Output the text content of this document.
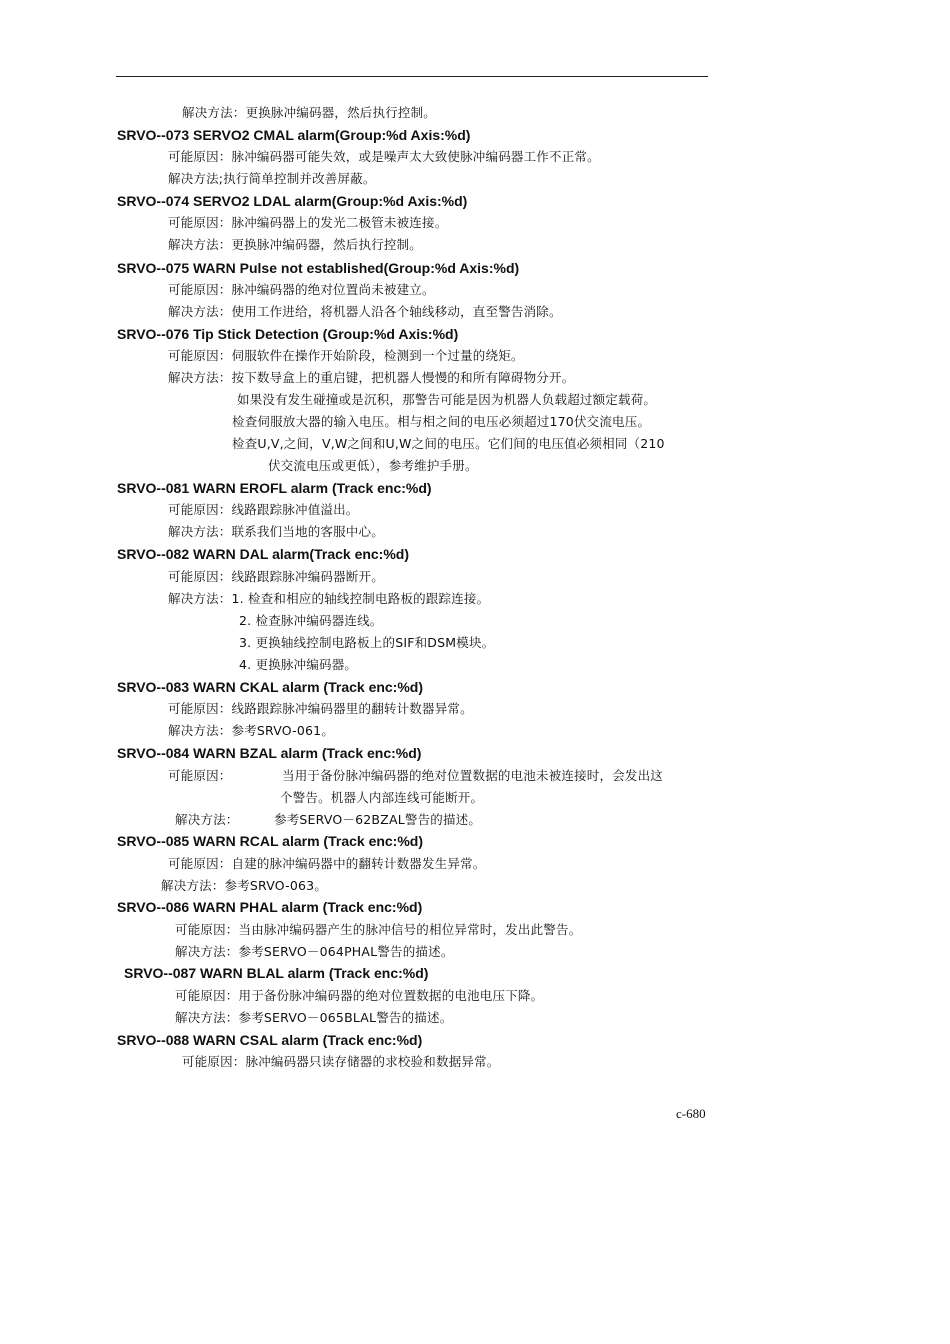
解决方法：更换脉冲编码器，然后执行控制。
SRVO--073 SERVO2 CMAL alarm(Group:%d Axis:%d)
可能原因：脉冲编码器可能失效，或是噪声太大致使脉冲编码器工作不正常。
解决方法;执行简单控制并改善屏蔽。
SRVO--074 SERVO2 LDAL alarm(Group:%d Axis:%d)
可能原因：脉冲编码器上的发光二极管未被连接。
解决方法：更换脉冲编码器，然后执行控制。
SRVO--075 WARN Pulse not established(Group:%d Axis:%d)
可能原因：脉冲编码器的绝对位置尚未被建立。
解决方法：使用工作进给，将机器人沿各个轴线移动，直至警告消除。
SRVO--076 Tip Stick Detection (Group:%d Axis:%d)
可能原因：伺服软件在操作开始阶段，检测到一个过量的绕矩。
解决方法：按下数导盒上的重启键，把机器人慢慢的和所有障碍物分开。
如果没有发生碰撞或是沉积，那警告可能是因为机器人负载超过额定载荷。
检查伺服放大器的输入电压。相与相之间的电压必须超过170伏交流电压。
检查U,V,之间，V,W之间和U,W之间的电压。它们间的电压值必须相同（210
伏交流电压或更低），参考维护手册。
SRVO--081 WARN EROFL alarm (Track enc:%d)
可能原因：线路跟踪脉冲值溢出。
解决方法：联系我们当地的客服中心。
SRVO--082 WARN DAL alarm(Track enc:%d)
可能原因：线路跟踪脉冲编码器断开。
解决方法：1. 检查和相应的轴线控制电路板的跟踪连接。
2. 检查脉冲编码器连线。
3. 更换轴线控制电路板上的SIF和DSM模块。
4. 更换脉冲编码器。
SRVO--083 WARN CKAL alarm (Track enc:%d)
可能原因：线路跟踪脉冲编码器里的翻转计数器异常。
解决方法：参考SRVO-061。
SRVO--084 WARN BZAL alarm (Track enc:%d)
可能原因：	当用于备份脉冲编码器的绝对位置数据的电池未被连接时，会发出这
个警告。机器人内部连线可能断开。
解决方法：	参考SERVO－62BZAL警告的描述。
SRVO--085 WARN RCAL alarm (Track enc:%d)
可能原因：自建的脉冲编码器中的翻转计数器发生异常。
解决方法：参考SRVO-063。
SRVO--086 WARN PHAL alarm (Track enc:%d)
可能原因：当由脉冲编码器产生的脉冲信号的相位异常时，发出此警告。
解决方法：参考SERVO－064PHAL警告的描述。
SRVO--087 WARN BLAL alarm (Track enc:%d)
可能原因：用于备份脉冲编码器的绝对位置数据的电池电压下降。
解决方法：参考SERVO－065BLAL警告的描述。
SRVO--088 WARN CSAL alarm (Track enc:%d)
可能原因：脉冲编码器只读存储器的求校验和数据异常。
c-680
